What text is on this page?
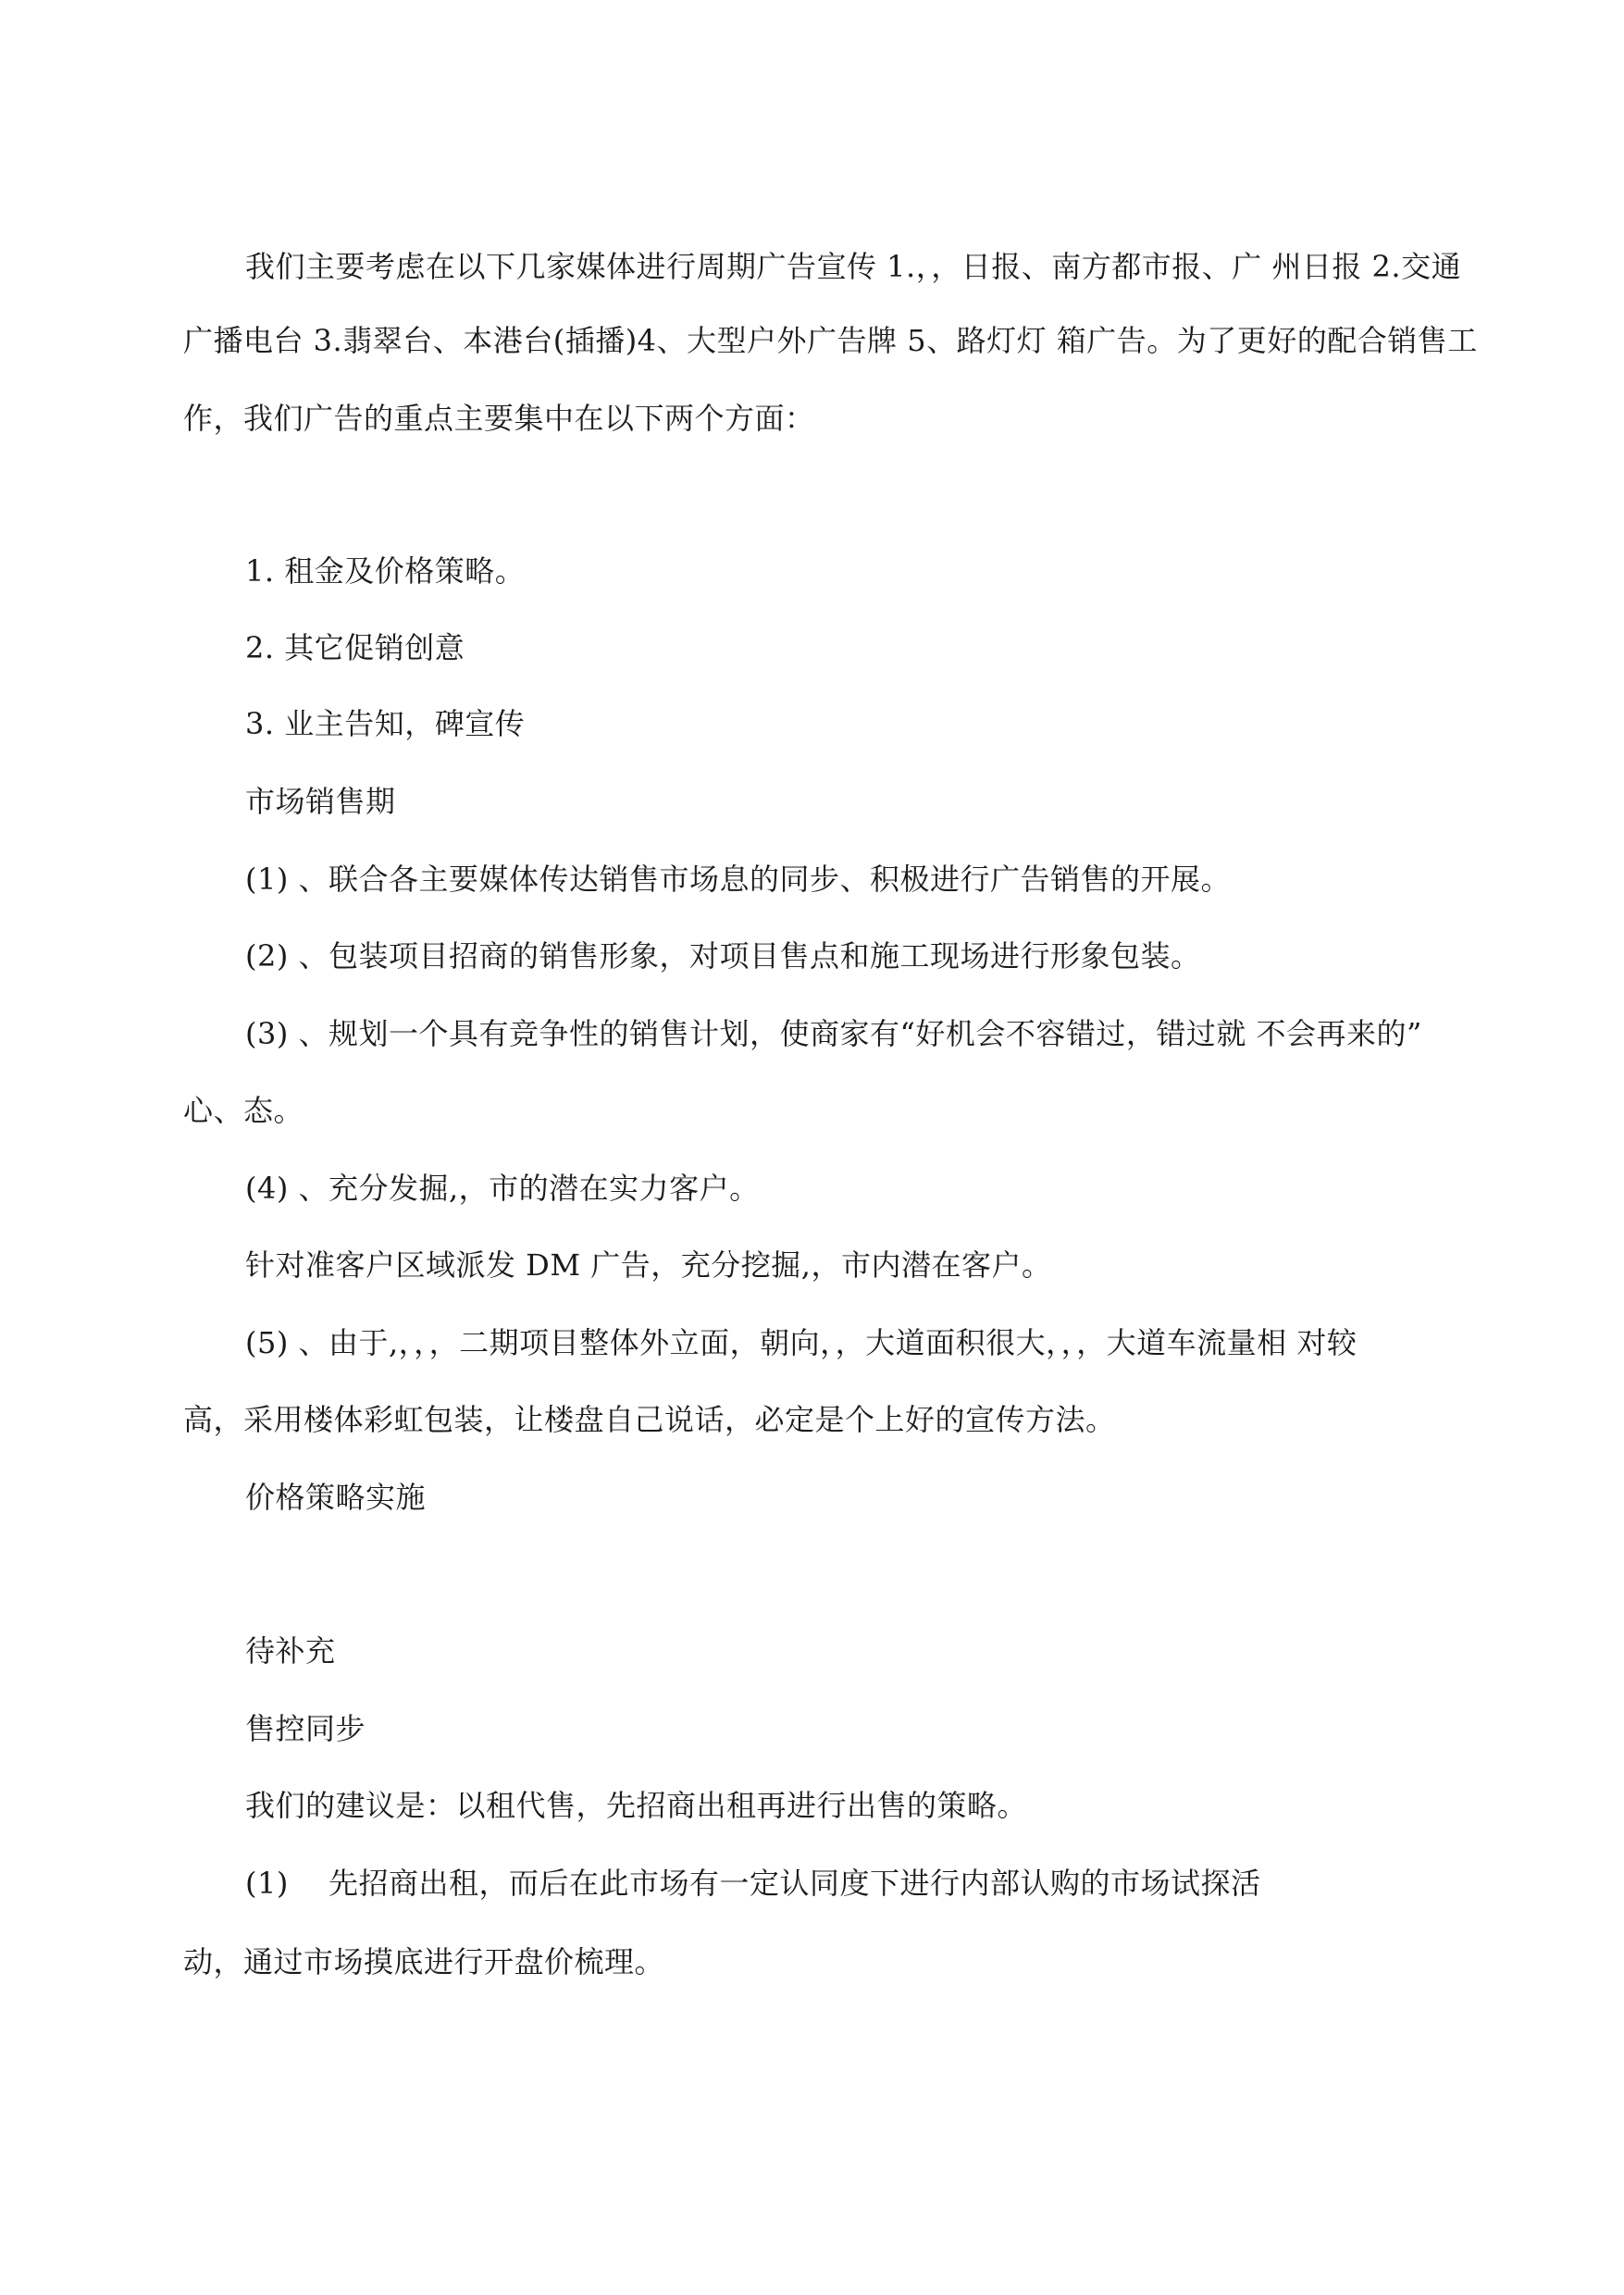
我们主要考虑在以下几家媒体进行周期广告宣传 1.，，日报、南方都市报、广 州日报 2.交通
广播电台 3.翡翠台、本港台(插播)4、大型户外广告牌 5、路灯灯 箱广告。为了更好的配合销售工
作，我们广告的重点主要集中在以下两个方面：
1. 租金及价格策略。
2. 其它促销创意
3. 业主告知，碑宣传
市场销售期
(1) 、联合各主要媒体传达销售市场息的同步、积极进行广告销售的开展。
(2) 、包装项目招商的销售形象，对项目售点和施工现场进行形象包装。
(3) 、规划一个具有竞争性的销售计划，使商家有“好机会不容错过，错过就 不会再来的”
心、态。
(4) 、充分发掘,，市的潜在实力客户。
针对准客户区域派发 DM 广告，充分挖掘,，市内潜在客户。
(5) 、由于,，，，二期项目整体外立面，朝向，，大道面积很大，，，大道车流量相 对较
高，采用楼体彩虹包装，让楼盘自己说话，必定是个上好的宣传方法。
价格策略实施
待补充
售控同步
我们的建议是：以租代售，先招商出租再进行出售的策略。
(1) 先招商出租，而后在此市场有一定认同度下进行内部认购的市场试探活
动，通过市场摸底进行开盘价梳理。
